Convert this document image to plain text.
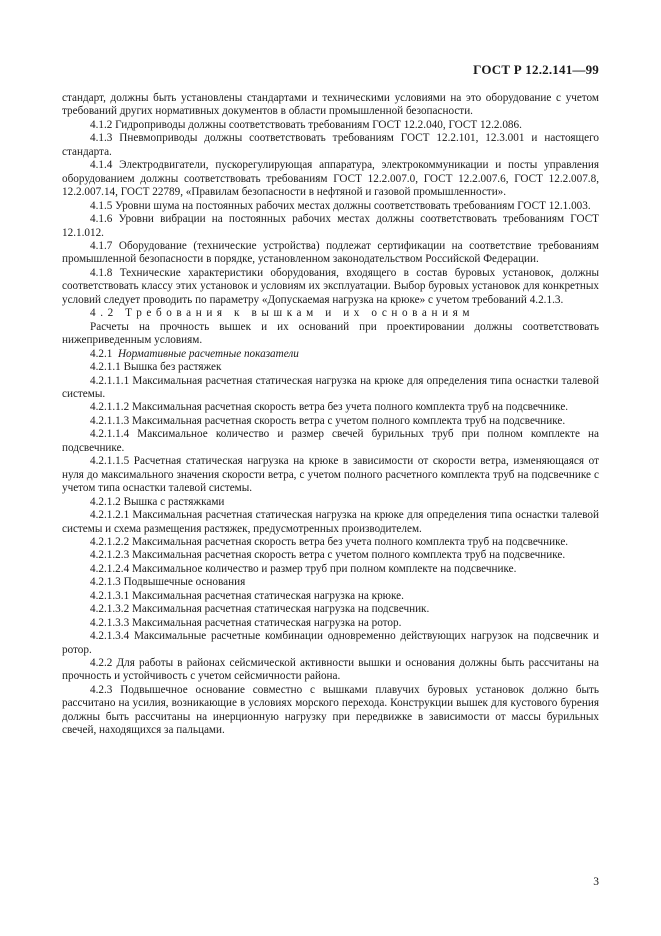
ГОСТ Р 12.2.141—99

стандарт, должны быть установлены стандартами и техническими условиями на это оборудование с учетом требований других нормативных документов в области промышленной безопасности.

4.1.2 Гидроприводы должны соответствовать требованиям ГОСТ 12.2.040, ГОСТ 12.2.086.

4.1.3 Пневмоприводы должны соответствовать требованиям ГОСТ 12.2.101, 12.3.001 и настоящего стандарта.

4.1.4 Электродвигатели, пускорегулирующая аппаратура, электрокоммуникации и посты управления оборудованием должны соответствовать требованиям ГОСТ 12.2.007.0, ГОСТ 12.2.007.6, ГОСТ 12.2.007.8, 12.2.007.14, ГОСТ 22789, «Правилам безопасности в нефтяной и газовой промышленности».

4.1.5 Уровни шума на постоянных рабочих местах должны соответствовать требованиям ГОСТ 12.1.003.

4.1.6 Уровни вибрации на постоянных рабочих местах должны соответствовать требованиям ГОСТ 12.1.012.

4.1.7 Оборудование (технические устройства) подлежат сертификации на соответствие требованиям промышленной безопасности в порядке, установленном законодательством Российской Федерации.

4.1.8 Технические характеристики оборудования, входящего в состав буровых установок, должны соответствовать классу этих установок и условиям их эксплуатации. Выбор буровых установок для конкретных условий следует проводить по параметру «Допускаемая нагрузка на крюке» с учетом требований 4.2.1.3.

4.2 Требования к вышкам и их основаниям

Расчеты на прочность вышек и их оснований при проектировании должны соответствовать нижеприведенным условиям.

4.2.1 Нормативные расчетные показатели

4.2.1.1 Вышка без растяжек

4.2.1.1.1 Максимальная расчетная статическая нагрузка на крюке для определения типа оснастки талевой системы.

4.2.1.1.2 Максимальная расчетная скорость ветра без учета полного комплекта труб на подсвечнике.

4.2.1.1.3 Максимальная расчетная скорость ветра с учетом полного комплекта труб на подсвечнике.

4.2.1.1.4 Максимальное количество и размер свечей бурильных труб при полном комплекте на подсвечнике.

4.2.1.1.5 Расчетная статическая нагрузка на крюке в зависимости от скорости ветра, изменяющаяся от нуля до максимального значения скорости ветра, с учетом полного расчетного комплекта труб на подсвечнике с учетом типа оснастки талевой системы.

4.2.1.2 Вышка с растяжками

4.2.1.2.1 Максимальная расчетная статическая нагрузка на крюке для определения типа оснастки талевой системы и схема размещения растяжек, предусмотренных производителем.

4.2.1.2.2 Максимальная расчетная скорость ветра без учета полного комплекта труб на подсвечнике.

4.2.1.2.3 Максимальная расчетная скорость ветра с учетом полного комплекта труб на подсвечнике.

4.2.1.2.4 Максимальное количество и размер труб при полном комплекте на подсвечнике.

4.2.1.3 Подвышечные основания

4.2.1.3.1 Максимальная расчетная статическая нагрузка на крюке.

4.2.1.3.2 Максимальная расчетная статическая нагрузка на подсвечник.

4.2.1.3.3 Максимальная расчетная статическая нагрузка на ротор.

4.2.1.3.4 Максимальные расчетные комбинации одновременно действующих нагрузок на подсвечник и ротор.

4.2.2 Для работы в районах сейсмической активности вышки и основания должны быть рассчитаны на прочность и устойчивость с учетом сейсмичности района.

4.2.3 Подвышечное основание совместно с вышками плавучих буровых установок должно быть рассчитано на усилия, возникающие в условиях морского перехода. Конструкции вышек для кустового бурения должны быть рассчитаны на инерционную нагрузку при передвижке в зависимости от массы бурильных свечей, находящихся за пальцами.

3
